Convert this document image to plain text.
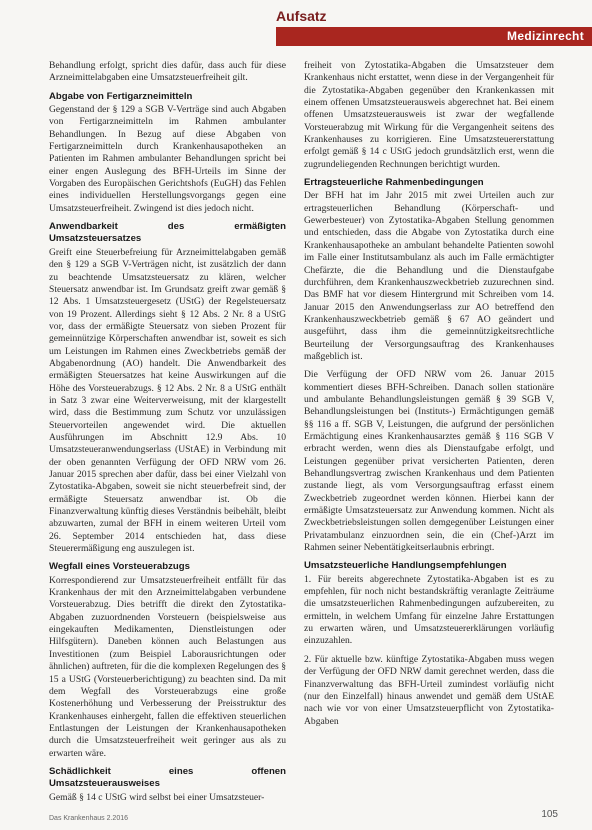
Aufsatz
Medizinrecht

Behandlung erfolgt, spricht dies dafür, dass auch für diese Arzneimittelabgaben eine Umsatzsteuerfreiheit gilt.

Abgabe von Fertigarzneimitteln

Gegenstand der § 129 a SGB V-Verträge sind auch Abgaben von Fertigarzneimitteln im Rahmen ambulanter Behandlungen. In Bezug auf diese Abgaben von Fertigarzneimitteln durch Krankenhausapotheken an Patienten im Rahmen ambulanter Behandlungen spricht bei einer engen Auslegung des BFH-Urteils im Sinne der Vorgaben des Europäischen Gerichtshofs (EuGH) das Fehlen eines individuellen Herstellungsvorgangs gegen eine Umsatzsteuerfreiheit. Zwingend ist dies jedoch nicht.

Anwendbarkeit des ermäßigten Umsatzsteuersatzes

Greift eine Steuerbefreiung für Arzneimittelabgaben gemäß den § 129 a SGB V-Verträgen nicht, ist zusätzlich der dann zu beachtende Umsatzsteuersatz zu klären, welcher Steuersatz anwendbar ist. Im Grundsatz greift zwar gemäß § 12 Abs. 1 Umsatzsteuergesetz (UStG) der Regelsteuersatz von 19 Prozent. Allerdings sieht § 12 Abs. 2 Nr. 8 a UStG vor, dass der ermäßigte Steuersatz von sieben Prozent für gemeinnützige Körperschaften anwendbar ist, soweit es sich um Leistungen im Rahmen eines Zweckbetriebs gemäß der Abgabenordnung (AO) handelt. Die Anwendbarkeit des ermäßigten Steuersatzes hat keine Auswirkungen auf die Höhe des Vorsteuerabzugs. § 12 Abs. 2 Nr. 8 a UStG enthält in Satz 3 zwar eine Weiterverweisung, mit der klargestellt wird, dass die Bestimmung zum Schutz vor unzulässigen Steuervorteilen angewendet wird. Die aktuellen Ausführungen im Abschnitt 12.9 Abs. 10 Umsatzsteueranwendungserlass (UStAE) in Verbindung mit der oben genannten Verfügung der OFD NRW vom 26. Januar 2015 sprechen aber dafür, dass bei einer Vielzahl von Zytostatika-Abgaben, soweit sie nicht steuerbefreit sind, der ermäßigte Steuersatz anwendbar ist. Ob die Finanzverwaltung künftig dieses Verständnis beibehält, bleibt abzuwarten, zumal der BFH in einem weiteren Urteil vom 26. September 2014 entschieden hat, dass diese Steuerermäßigung eng auszulegen ist.

Wegfall eines Vorsteuerabzugs

Korrespondierend zur Umsatzsteuerfreiheit entfällt für das Krankenhaus der mit den Arzneimittelabgaben verbundene Vorsteuerabzug. Dies betrifft die direkt den Zytostatika-Abgaben zuzuordnenden Vorsteuern (beispielsweise aus eingekauften Medikamenten, Dienstleistungen oder Hilfsgütern). Daneben können auch Belastungen aus Investitionen (zum Beispiel Laborausrichtungen oder ähnlichen) auftreten, für die die komplexen Regelungen des § 15 a UStG (Vorsteuerberichtigung) zu beachten sind. Da mit dem Wegfall des Vorsteuerabzugs eine große Kostenerhöhung und Verbesserung der Preisstruktur des Krankenhauses einhergeht, fallen die effektiven steuerlichen Entlastungen der Leistungen der Krankenhausapotheken durch die Umsatzsteuerfreiheit weit geringer aus als zu erwarten wäre.

Schädlichkeit eines offenen Umsatzsteuerausweises

Gemäß § 14 c UStG wird selbst bei einer Umsatzsteuer-

freiheit von Zytostatika-Abgaben die Umsatzsteuer dem Krankenhaus nicht erstattet, wenn diese in der Vergangenheit für die Zytostatika-Abgaben gegenüber den Krankenkassen mit einem offenen Umsatzsteuerausweis abgerechnet hat. Bei einem offenen Umsatzsteuerausweis ist zwar der wegfallende Vorsteuerabzug mit Wirkung für die Vergangenheit seitens des Krankenhauses zu korrigieren. Eine Umsatzsteuererstattung erfolgt gemäß § 14 c UStG jedoch grundsätzlich erst, wenn die zugrundeliegenden Rechnungen berichtigt wurden.

Ertragsteuerliche Rahmenbedingungen

Der BFH hat im Jahr 2015 mit zwei Urteilen auch zur ertragsteuerlichen Behandlung (Körperschaft- und Gewerbesteuer) von Zytostatika-Abgaben Stellung genommen und entschieden, dass die Abgabe von Zytostatika durch eine Krankenhausapotheke an ambulant behandelte Patienten sowohl im Falle einer Institutsambulanz als auch im Falle ermächtigter Chefärzte, die die Behandlung und die Dienstaufgabe durchführen, dem Krankenhauszweckbetrieb zuzurechnen sind. Das BMF hat vor diesem Hintergrund mit Schreiben vom 14. Januar 2015 den Anwendungserlass zur AO betreffend den Krankenhauszweckbetrieb gemäß § 67 AO geändert und ausgeführt, dass ihm die gemeinnützigkeitsrechtliche Beurteilung der Versorgungsauftrag des Krankenhauses maßgeblich ist.

Die Verfügung der OFD NRW vom 26. Januar 2015 kommentiert dieses BFH-Schreiben. Danach sollen stationäre und ambulante Behandlungsleistungen gemäß § 39 SGB V, Behandlungsleistungen bei (Instituts-) Ermächtigungen gemäß §§ 116 a ff. SGB V, Leistungen, die aufgrund der persönlichen Ermächtigung eines Krankenhausarztes gemäß § 116 SGB V erbracht werden, wenn dies als Dienstaufgabe erfolgt, und Leistungen gegenüber privat versicherten Patienten, deren Behandlungsvertrag zwischen Krankenhaus und dem Patienten zustande liegt, als vom Versorgungsauftrag erfasst einem Zweckbetrieb zugeordnet werden können. Hierbei kann der ermäßigte Umsatzsteuersatz zur Anwendung kommen. Nicht als Zweckbetriebsleistungen sollen demgegenüber Leistungen einer Privatambulanz einzuordnen sein, die ein (Chef-)Arzt im Rahmen seiner Nebentätigkeitserlaubnis erbringt.

Umsatzsteuerliche Handlungsempfehlungen

1. Für bereits abgerechnete Zytostatika-Abgaben ist es zu empfehlen, für noch nicht bestandskräftig veranlagte Zeiträume die umsatzsteuerlichen Rahmenbedingungen aufzubereiten, zu ermitteln, in welchem Umfang für einzelne Jahre Erstattungen zu erwarten wären, und Umsatzsteuererklärungen vorläufig einzuzahlen.

2. Für aktuelle bzw. künftige Zytostatika-Abgaben muss wegen der Verfügung der OFD NRW damit gerechnet werden, dass die Finanzverwaltung das BFH-Urteil zumindest vorläufig nicht (nur den Einzelfall) hinaus anwendet und gemäß dem UStAE nach wie vor von einer Umsatzsteuerpflicht von Zytostatika-Abgaben

Das Krankenhaus 2.2016	105
